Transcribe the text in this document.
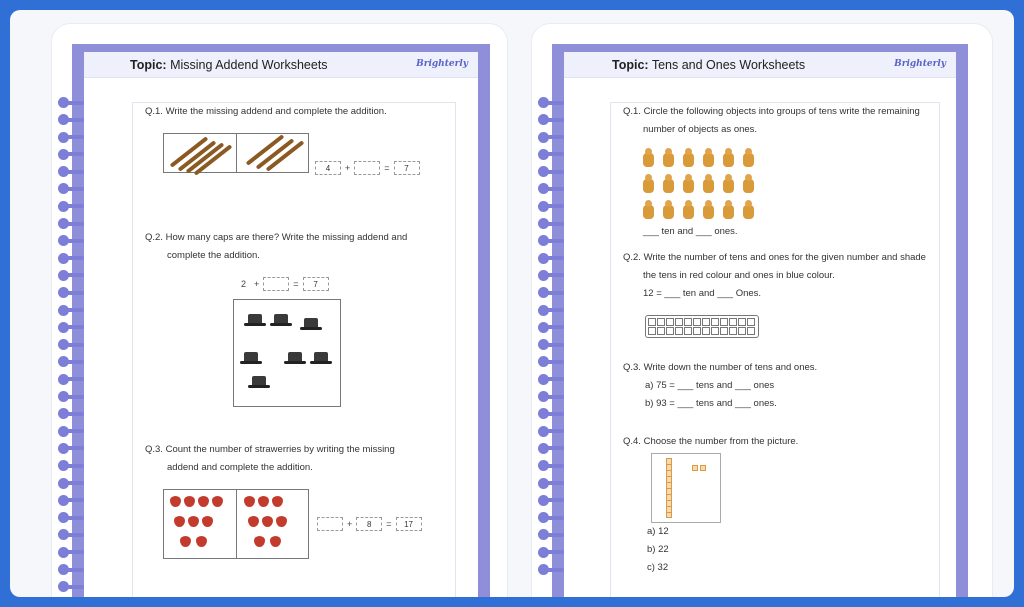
Topic: Missing Addend Worksheets	Brighterly
Q.1. Write the missing addend and complete the addition.
4 +	= 7
Q.2. How many caps are there? Write the missing addend and
complete the addition.
2 +	= 7
Q.3. Count the number of strawerries by writing the missing
addend and complete the addition.
+ 8 = 17
Topic: Tens and Ones Worksheets	Brighterly
Q.1. Circle the following objects into groups of tens write the remaining
number of objects as ones.
___ ten and ___ ones.
Q.2. Write the number of tens and ones for the given number and shade
the tens in red colour and ones in blue colour.
12 = ___ ten and ___ Ones.
Q.3. Write down the number of tens and ones.
a) 75 = ___ tens and ___ ones
b) 93 = ___ tens and ___ ones.
Q.4. Choose the number from the picture.
a) 12
b) 22
c) 32
